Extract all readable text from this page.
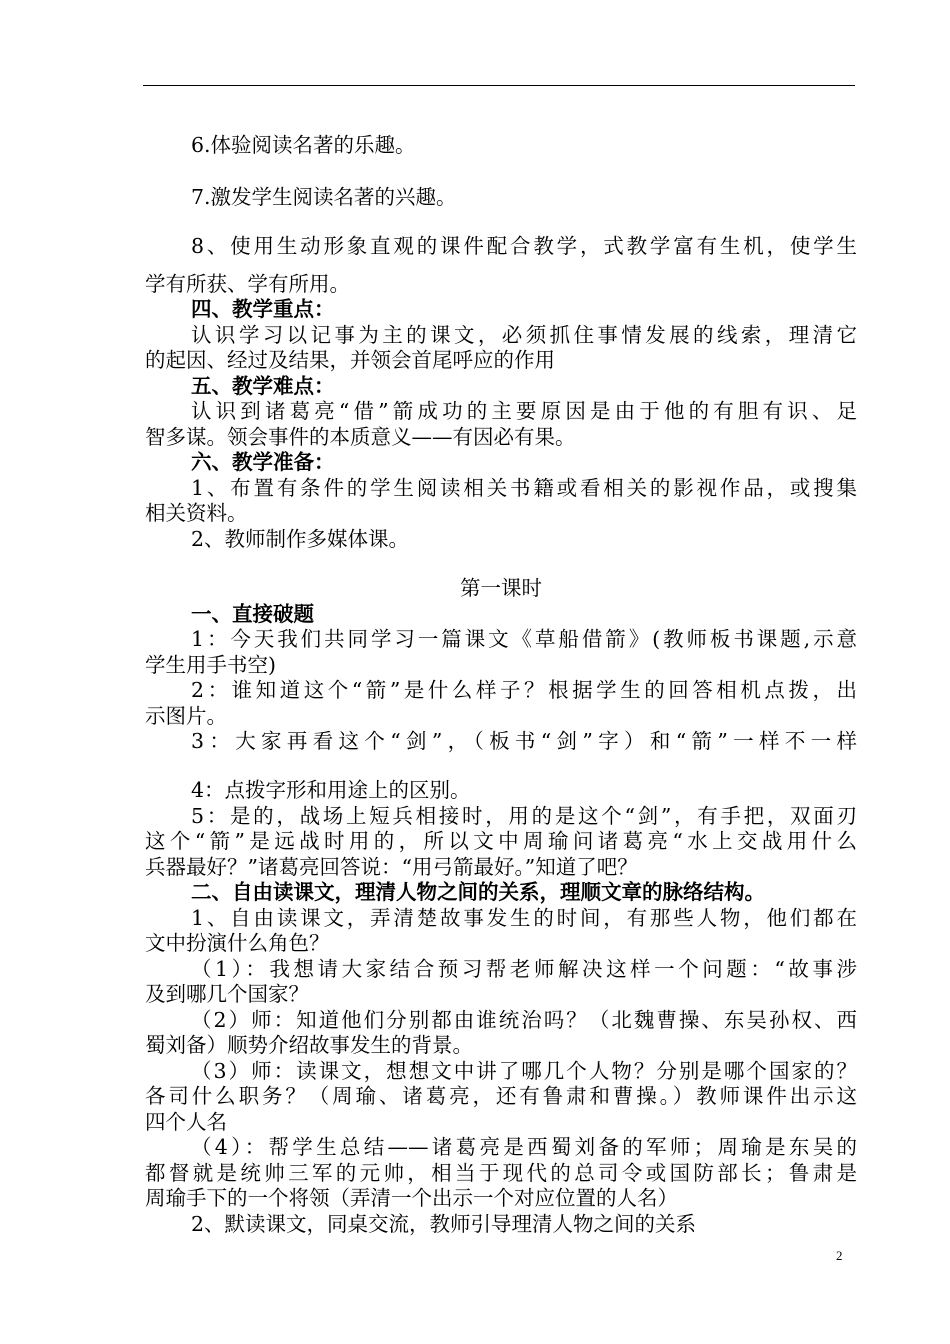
6.体验阅读名著的乐趣。
7.激发学生阅读名著的兴趣。
8、使用生动形象直观的课件配合教学，式教学富有生机，使学生
学有所获、学有所用。
四、教学重点：
认识学习以记事为主的课文，必须抓住事情发展的线索，理清它
的起因、经过及结果，并领会首尾呼应的作用
五、教学难点：
认识到诸葛亮“借”箭成功的主要原因是由于他的有胆有识、足
智多谋。领会事件的本质意义——有因必有果。
六、教学准备：
1、布置有条件的学生阅读相关书籍或看相关的影视作品，或搜集
相关资料。
2、教师制作多媒体课。
第一课时
一、直接破题
1：今天我们共同学习一篇课文《草船借箭》(教师板书课题,示意
学生用手书空)
2：谁知道这个“箭”是什么样子？根据学生的回答相机点拨，出
示图片。
3：大家再看这个“剑”，（板书“剑”字）和“箭”一样不一样
4：点拨字形和用途上的区别。
5：是的，战场上短兵相接时，用的是这个“剑”，有手把，双面刃
这个“箭”是远战时用的，所以文中周瑜问诸葛亮“水上交战用什么
兵器最好？”诸葛亮回答说：“用弓箭最好。”知道了吧？
二、自由读课文，理清人物之间的关系，理顺文章的脉络结构。
1、自由读课文，弄清楚故事发生的时间，有那些人物，他们都在
文中扮演什么角色？
（1）：我想请大家结合预习帮老师解决这样一个问题：“故事涉
及到哪几个国家？
（2）师：知道他们分别都由谁统治吗？（北魏曹操、东吴孙权、西
蜀刘备）顺势介绍故事发生的背景。
（3）师：读课文，想想文中讲了哪几个人物？分别是哪个国家的？
各司什么职务？（周瑜、诸葛亮，还有鲁肃和曹操。）教师课件出示这
四个人名
（4）：帮学生总结——诸葛亮是西蜀刘备的军师；周瑜是东吴的
都督就是统帅三军的元帅，相当于现代的总司令或国防部长；鲁肃是
周瑜手下的一个将领（弄清一个出示一个对应位置的人名）
2、默读课文，同桌交流，教师引导理清人物之间的关系
2
